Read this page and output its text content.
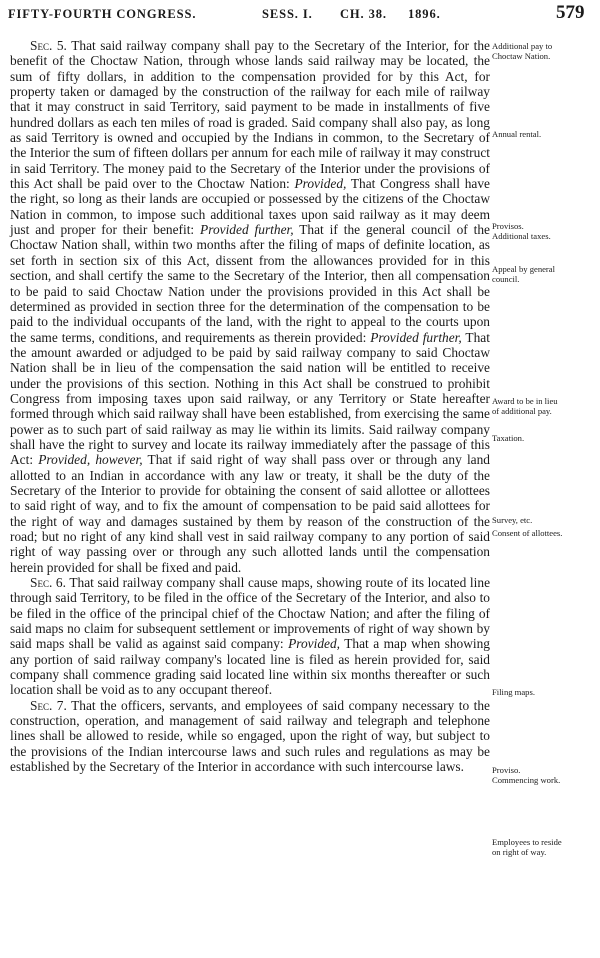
FIFTY-FOURTH CONGRESS.	SESS. I. CH. 38. 1896.	579

Sec. 5. That said railway company shall pay to the Secretary of the Interior, for the benefit of the Choctaw Nation, through whose lands said railway may be located, the sum of fifty dollars, in addition to the compensation provided for by this Act, for property taken or damaged by the construction of the railway for each mile of railway that it may construct in said Territory, said payment to be made in installments of five hundred dollars as each ten miles of road is graded. Said company shall also pay, as long as said Territory is owned and occupied by the Indians in common, to the Secretary of the Interior the sum of fifteen dollars per annum for each mile of railway it may construct in said Territory. The money paid to the Secretary of the Interior under the provisions of this Act shall be paid over to the Choctaw Nation: Provided, That Congress shall have the right, so long as their lands are occupied or possessed by the citizens of the Choctaw Nation in common, to impose such additional taxes upon said railway as it may deem just and proper for their benefit: Provided further, That if the general council of the Choctaw Nation shall, within two months after the filing of maps of definite location, as set forth in section six of this Act, dissent from the allowances provided for in this section, and shall certify the same to the Secretary of the Interior, then all compensation to be paid to said Choctaw Nation under the provisions provided in this Act shall be determined as provided in section three for the determination of the compensation to be paid to the individual occupants of the land, with the right to appeal to the courts upon the same terms, conditions, and requirements as therein provided: Provided further, That the amount awarded or adjudged to be paid by said railway company to said Choctaw Nation shall be in lieu of the compensation the said nation will be entitled to receive under the provisions of this section. Nothing in this Act shall be construed to prohibit Congress from imposing taxes upon said railway, or any Territory or State hereafter formed through which said railway shall have been established, from exercising the same power as to such part of said railway as may lie within its limits. Said railway company shall have the right to survey and locate its railway immediately after the passage of this Act: Provided, however, That if said right of way shall pass over or through any land allotted to an Indian in accordance with any law or treaty, it shall be the duty of the Secretary of the Interior to provide for obtaining the consent of said allottee or allottees to said right of way, and to fix the amount of compensation to be paid said allottees for the right of way and damages sustained by them by reason of the construction of the road; but no right of any kind shall vest in said railway company to any portion of said right of way passing over or through any such allotted lands until the compensation herein provided for shall be fixed and paid.

Sec. 6. That said railway company shall cause maps, showing route of its located line through said Territory, to be filed in the office of the Secretary of the Interior, and also to be filed in the office of the principal chief of the Choctaw Nation; and after the filing of said maps no claim for subsequent settlement or improvements of right of way shown by said maps shall be valid as against said company: Provided, That a map when showing any portion of said railway company's located line is filed as herein provided for, said company shall commence grading said located line within six months thereafter or such location shall be void as to any occupant thereof.

Sec. 7. That the officers, servants, and employees of said company necessary to the construction, operation, and management of said railway and telegraph and telephone lines shall be allowed to reside, while so engaged, upon the right of way, but subject to the provisions of the Indian intercourse laws and such rules and regulations as may be established by the Secretary of the Interior in accordance with such intercourse laws.

Additional pay to
Choctaw Nation.
Annual rental.
Provisos.
Additional taxes.
Appeal by general
council.
Award to be in lieu
of additional pay.
Taxation.
Survey, etc.
Consent of allottees.
Filing maps.
Proviso.
Commencing work.
Employees to reside
on right of way.
